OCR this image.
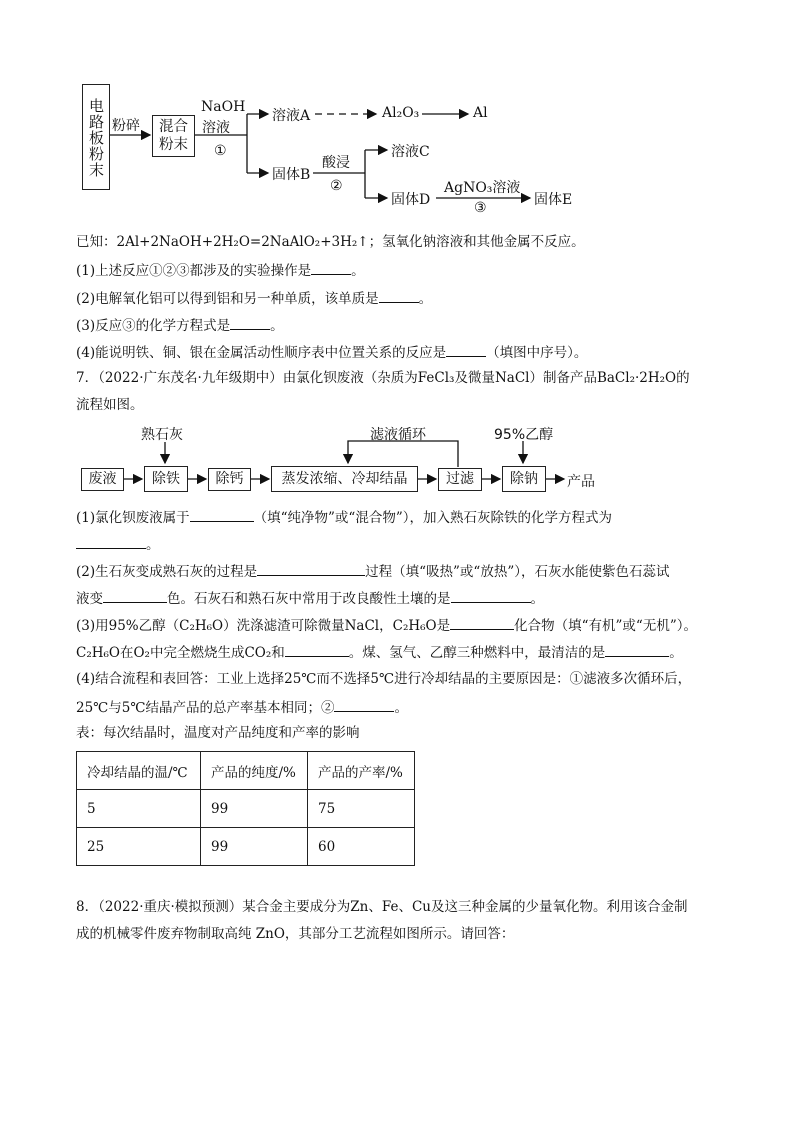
电路板粉末 粉碎	混合
粉末
NaOH
溶液
①
溶液A	Al₂O₃	Al
固体B
酸浸
②
溶液C
固体D
AgNO₃溶液
③	固体E
已知：2Al+2NaOH+2H₂O=2NaAlO₂+3H₂↑；氢氧化钠溶液和其他金属不反应。
(1)上述反应①②③都涉及的实验操作是	。
(2)电解氧化铝可以得到铝和另一种单质，该单质是	。
(3)反应③的化学方程式是	。
(4)能说明铁、铜、银在金属活动性顺序表中位置关系的反应是	（填图中序号）。
7．（2022·广东茂名·九年级期中）由氯化钡废液（杂质为FeCl₃及微量NaCl）制备产品BaCl₂·2H₂O的
流程如图。
熟石灰	滤液循环	95%乙醇
废液	除铁	除钙	蒸发浓缩、冷却结晶	过滤	除钠	产品
(1)氯化钡废液属于	（填“纯净物”或“混合物”），加入熟石灰除铁的化学方程式为
。
(2)生石灰变成熟石灰的过程是	过程（填“吸热”或“放热”），石灰水能使紫色石蕊试
液变	色。石灰石和熟石灰中常用于改良酸性土壤的是	。
(3)用95%乙醇（C₂H₆O）洗涤滤渣可除微量NaCl，C₂H₆O是	化合物（填“有机”或“无机”）。
C₂H₆O在O₂中完全燃烧生成CO₂和	。煤、氢气、乙醇三种燃料中，最清洁的是	。
(4)结合流程和表回答：工业上选择25℃而不选择5℃进行冷却结晶的主要原因是：①滤液多次循环后，
25℃与5℃结晶产品的总产率基本相同；②	。
表：每次结晶时，温度对产品纯度和产率的影响
冷却结晶的温/℃	产品的纯度/%	产品的产率/%
5	99	75
25	99	60
8．（2022·重庆·模拟预测）某合金主要成分为Zn、Fe、Cu及这三种金属的少量氧化物。利用该合金制
成的机械零件废弃物制取高纯 ZnO，其部分工艺流程如图所示。请回答：
